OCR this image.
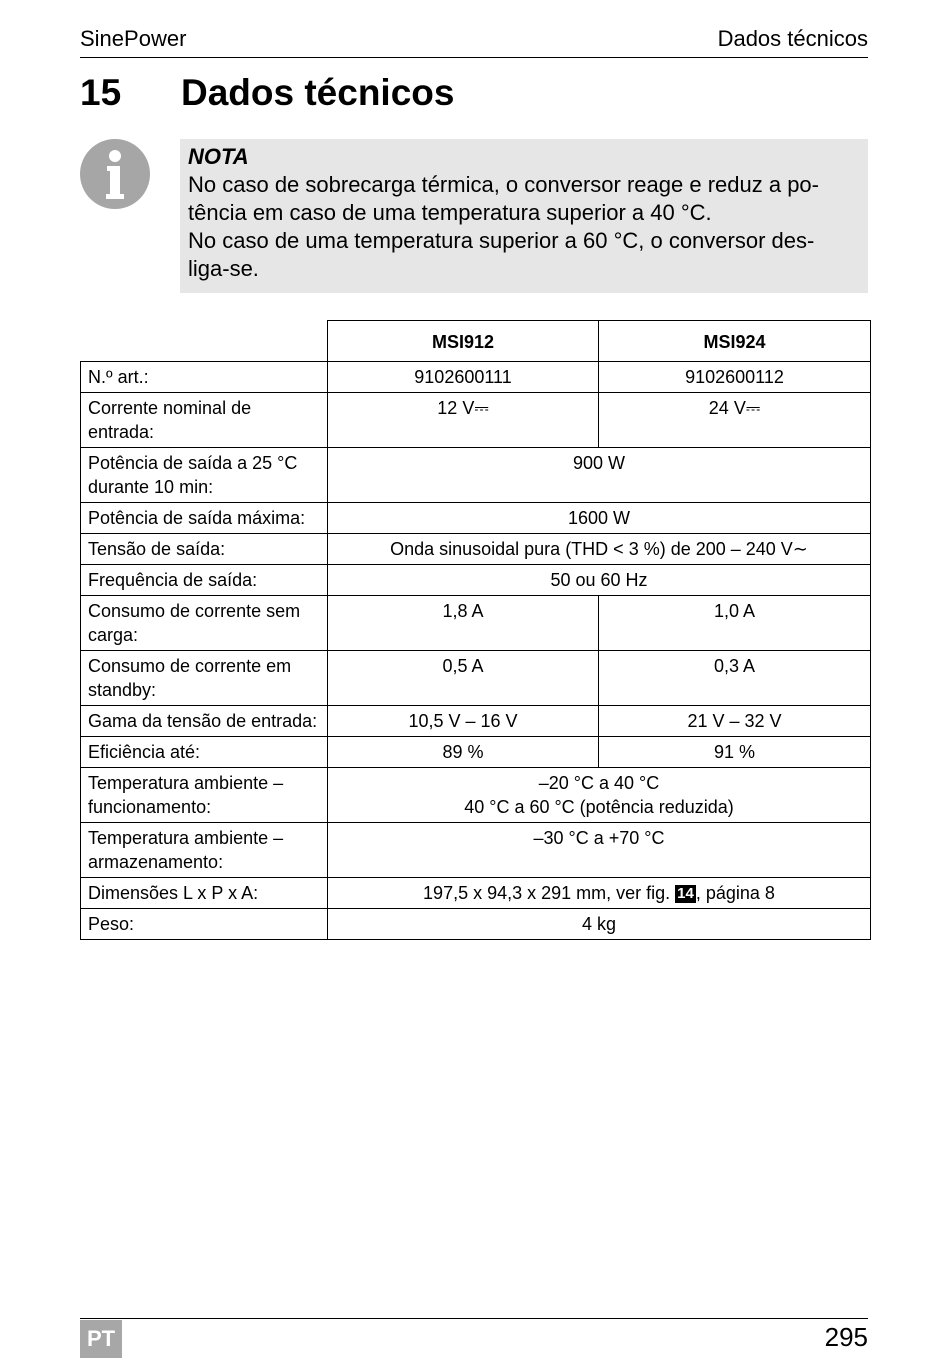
SinePower	Dados técnicos
15 Dados técnicos
NOTA
No caso de sobrecarga térmica, o conversor reage e reduz a po-
tência em caso de uma temperatura superior a 40 °C.
No caso de uma temperatura superior a 60 °C, o conversor des-
liga-se.
	MSI912	MSI924
N.º art.:	9102600111	9102600112
Corrente nominal de entrada:	12 V⎓	24 V⎓
Potência de saída a 25 °C durante 10 min:	900 W	
Potência de saída máxima:	1600 W	
Tensão de saída:	Onda sinusoidal pura (THD < 3 %) de 200 – 240 V∼	
Frequência de saída:	50 ou 60 Hz	
Consumo de corrente sem carga:	1,8 A	1,0 A
Consumo de corrente em standby:	0,5 A	0,3 A
Gama da tensão de entrada:	10,5 V – 16 V	21 V – 32 V
Eficiência até:	89 %	91 %
Temperatura ambiente – funcionamento:	–20 °C a 40 °C
40 °C a 60 °C (potência reduzida)	

Temperatura ambiente – armazenamento:	–30 °C a +70 °C	
Dimensões L x P x A:	197,5 x 94,3 x 291 mm, ver fig. 14 , página 8	
Peso:	4 kg	
PT	295
